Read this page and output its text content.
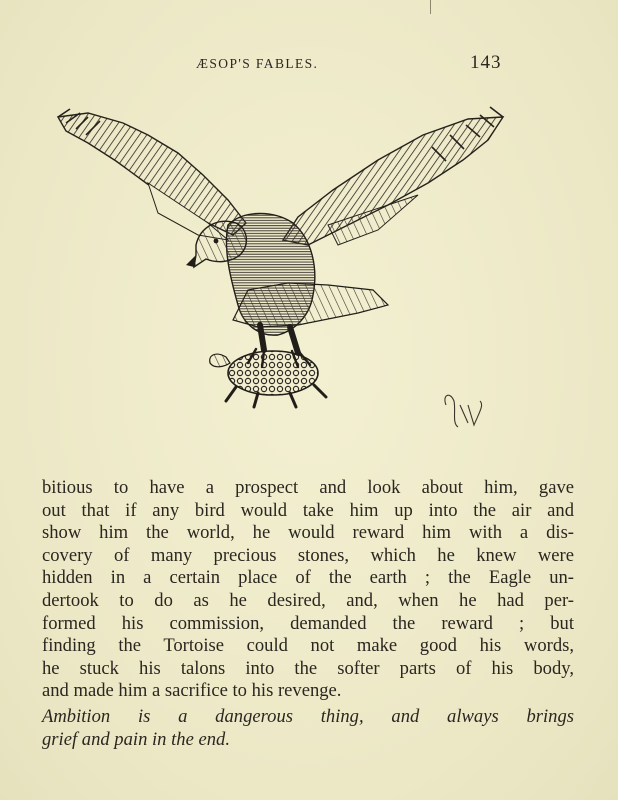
ÆSOP'S FABLES.	143
bitious to have a prospect and look about him, gave
out that if any bird would take him up into the air and
show him the world, he would reward him with a dis-
covery of many precious stones, which he knew were
hidden in a certain place of the earth ; the Eagle un-
dertook to do as he desired, and, when he had per-
formed his commission, demanded the reward ; but
finding the Tortoise could not make good his words,
he stuck his talons into the softer parts of his body,
and made him a sacrifice to his revenge.
Ambition is a dangerous thing, and always brings
grief and pain in the end.
